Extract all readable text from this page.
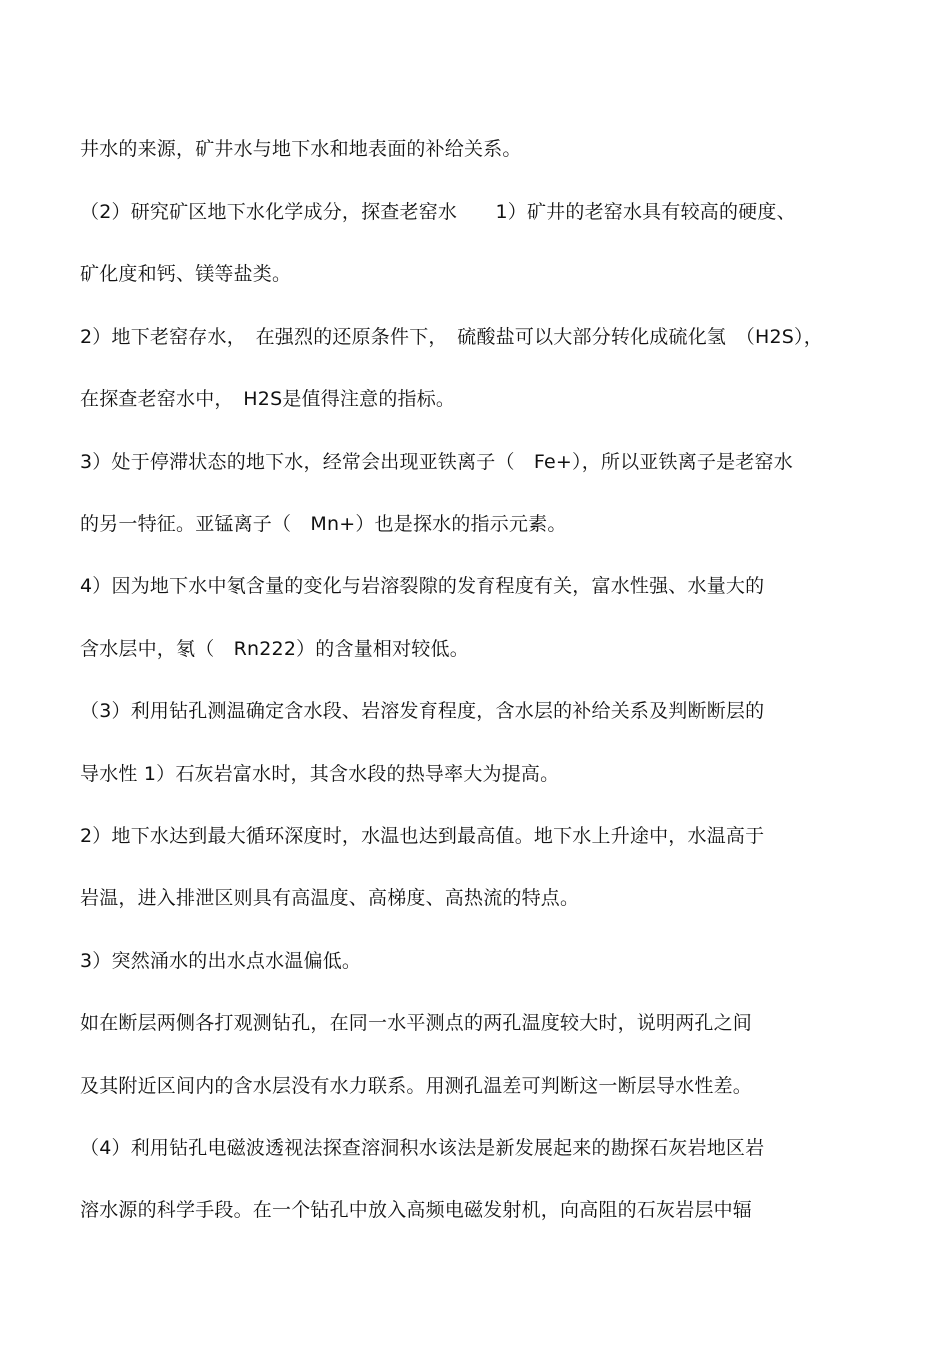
井水的来源，矿井水与地下水和地表面的补给关系。
（2）研究矿区地下水化学成分，探查老窑水　　1）矿井的老窑水具有较高的硬度、
矿化度和钙、镁等盐类。
2）地下老窑存水，　在强烈的还原条件下，　硫酸盐可以大部分转化成硫化氢　（H2S），
在探查老窑水中，　H2S是值得注意的指标。
3）处于停滞状态的地下水，经常会出现亚铁离子（　Fe+），所以亚铁离子是老窑水
的另一特征。亚锰离子（　Mn+）也是探水的指示元素。
4）因为地下水中氡含量的变化与岩溶裂隙的发育程度有关，富水性强、水量大的
含水层中，氡（　Rn222）的含量相对较低。
（3）利用钻孔测温确定含水段、岩溶发育程度，含水层的补给关系及判断断层的
导水性 1）石灰岩富水时，其含水段的热导率大为提高。
2）地下水达到最大循环深度时，水温也达到最高值。地下水上升途中，水温高于
岩温，进入排泄区则具有高温度、高梯度、高热流的特点。
3）突然涌水的出水点水温偏低。
如在断层两侧各打观测钻孔，在同一水平测点的两孔温度较大时，说明两孔之间
及其附近区间内的含水层没有水力联系。用测孔温差可判断这一断层导水性差。
（4）利用钻孔电磁波透视法探查溶洞积水该法是新发展起来的勘探石灰岩地区岩
溶水源的科学手段。在一个钻孔中放入高频电磁发射机，向高阻的石灰岩层中辐
